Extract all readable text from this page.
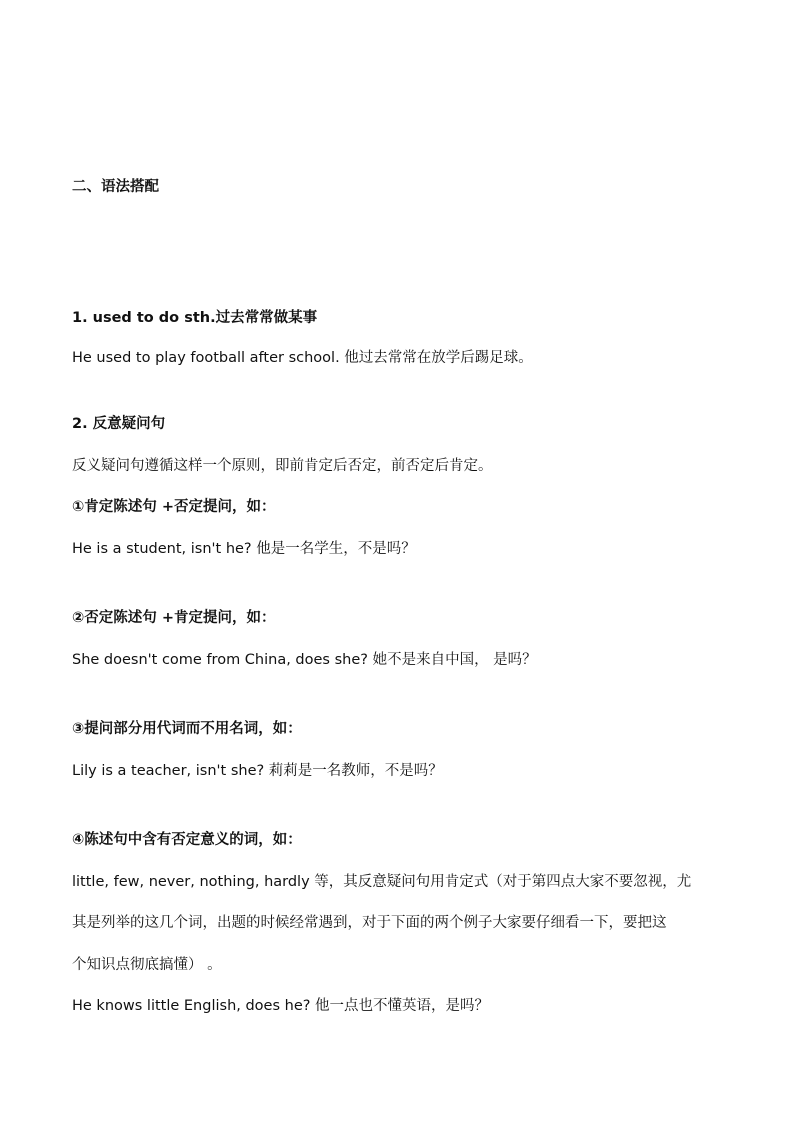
二、语法搭配
1. used to do sth.过去常常做某事
He used to play football after school. 他过去常常在放学后踢足球。
2. 反意疑问句
反义疑问句遵循这样一个原则，即前肯定后否定，前否定后肯定。
①肯定陈述句 +否定提问，如：
He is a student, isn't he? 他是一名学生，不是吗？
②否定陈述句 +肯定提问，如：
She doesn't come from China, does she? 她不是来自中国， 是吗？
③提问部分用代词而不用名词，如：
Lily is a teacher, isn't she? 莉莉是一名教师，不是吗？
④陈述句中含有否定意义的词，如：
little, few, never, nothing, hardly 等，其反意疑问句用肯定式（对于第四点大家不要忽视，尤
其是列举的这几个词，出题的时候经常遇到，对于下面的两个例子大家要仔细看一下，要把这
个知识点彻底搞懂） 。
He knows little English, does he? 他一点也不懂英语，是吗？
